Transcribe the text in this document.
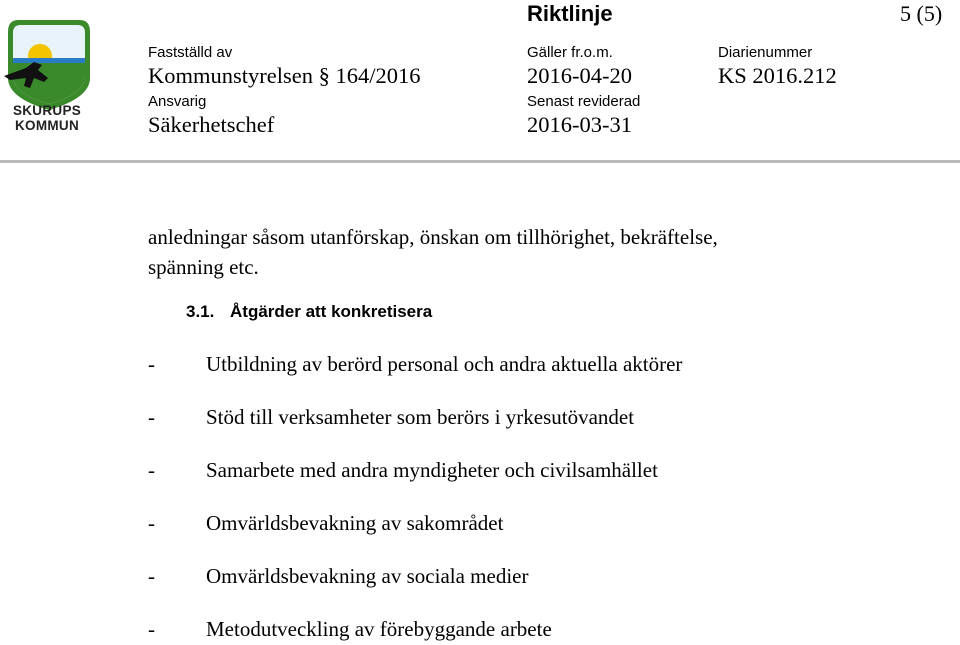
SKURUPS
KOMMUN
Riktlinje	5 (5)
Fastställd av
Kommunstyrelsen § 164/2016
Gäller fr.o.m.
2016-04-20
Diarienummer
KS 2016.212
Ansvarig
Säkerhetschef
Senast reviderad
2016-03-31
anledningar såsom utanförskap, önskan om tillhörighet, bekräftelse,
spänning etc.
3.1. Åtgärder att konkretisera
- Utbildning av berörd personal och andra aktuella aktörer
- Stöd till verksamheter som berörs i yrkesutövandet
- Samarbete med andra myndigheter och civilsamhället
- Omvärldsbevakning av sakområdet
- Omvärldsbevakning av sociala medier
- Metodutveckling av förebyggande arbete
